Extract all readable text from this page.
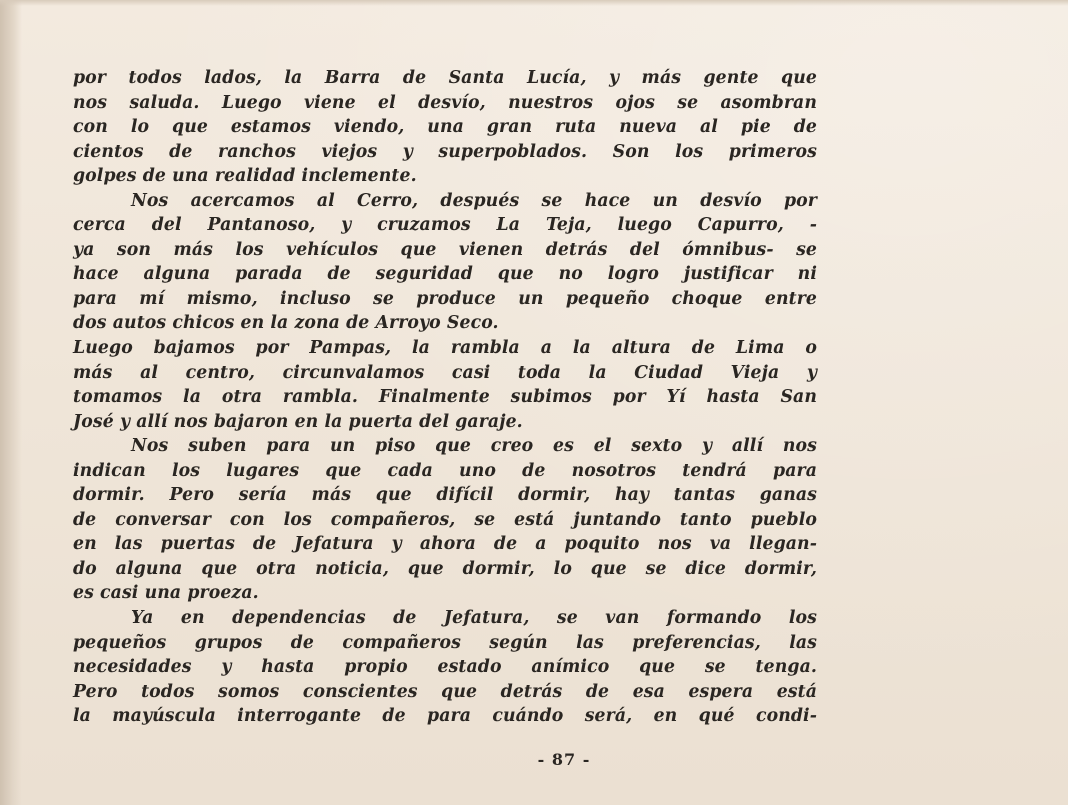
por todos lados, la Barra de Santa Lucía, y más gente que
nos saluda. Luego viene el desvío, nuestros ojos se asombran
con lo que estamos viendo, una gran ruta nueva al pie de
cientos de ranchos viejos y superpoblados. Son los primeros
golpes de una realidad inclemente.
Nos acercamos al Cerro, después se hace un desvío por
cerca del Pantanoso, y cruzamos La Teja, luego Capurro, -
ya son más los vehículos que vienen detrás del ómnibus- se
hace alguna parada de seguridad que no logro justificar ni
para mí mismo, incluso se produce un pequeño choque entre
dos autos chicos en la zona de Arroyo Seco.
Luego bajamos por Pampas, la rambla a la altura de Lima o
más al centro, circunvalamos casi toda la Ciudad Vieja y
tomamos la otra rambla. Finalmente subimos por Yí hasta San
José y allí nos bajaron en la puerta del garaje.
Nos suben para un piso que creo es el sexto y allí nos
indican los lugares que cada uno de nosotros tendrá para
dormir. Pero sería más que difícil dormir, hay tantas ganas
de conversar con los compañeros, se está juntando tanto pueblo
en las puertas de Jefatura y ahora de a poquito nos va llegan-
do alguna que otra noticia, que dormir, lo que se dice dormir,
es casi una proeza.
Ya en dependencias de Jefatura, se van formando los
pequeños grupos de compañeros según las preferencias, las
necesidades y hasta propio estado anímico que se tenga.
Pero todos somos conscientes que detrás de esa espera está
la mayúscula interrogante de para cuándo será, en qué condi-
- 87 -
